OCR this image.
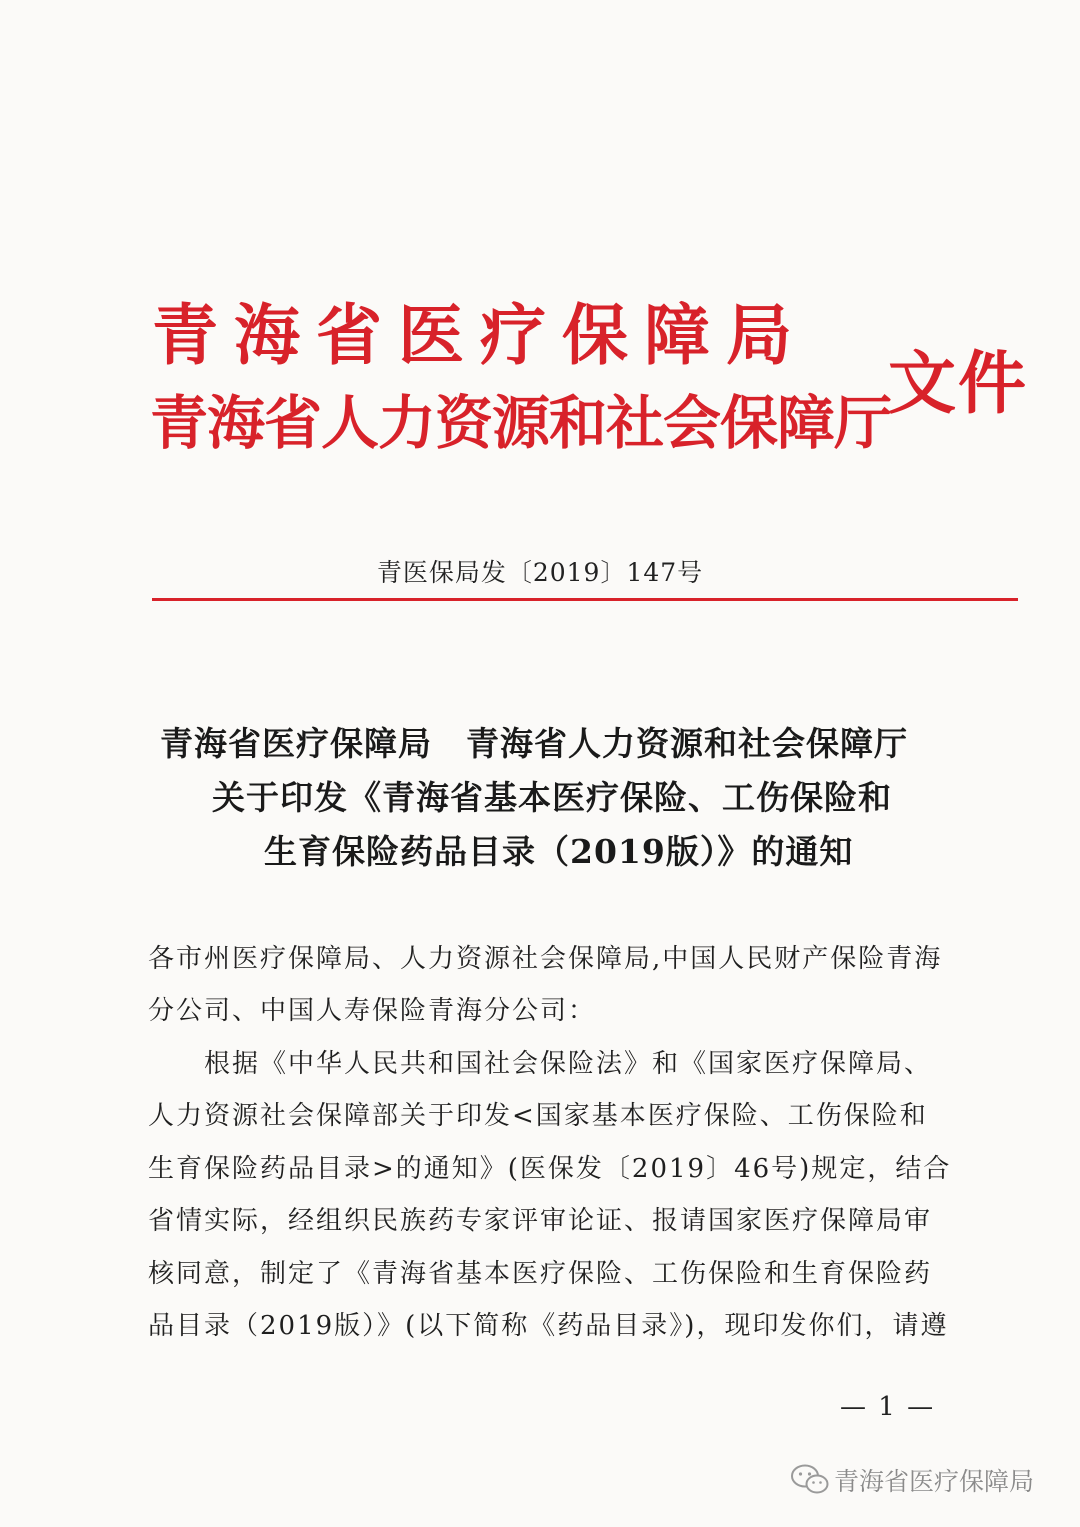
青海省医疗保障局
青海省人力资源和社会保障厅
文件
青医保局发〔2019〕147号
青海省医疗保障局　青海省人力资源和社会保障厅
关于印发《青海省基本医疗保险、工伤保险和
生育保险药品目录（2019版）》的通知
各市州医疗保障局、人力资源社会保障局,中国人民财产保险青海
分公司、中国人寿保险青海分公司：
根据《中华人民共和国社会保险法》和《国家医疗保障局、
人力资源社会保障部关于印发<国家基本医疗保险、工伤保险和
生育保险药品目录>的通知》(医保发〔2019〕46号)规定，结合
省情实际，经组织民族药专家评审论证、报请国家医疗保障局审
核同意，制定了《青海省基本医疗保险、工伤保险和生育保险药
品目录（2019版）》(以下简称《药品目录》)，现印发你们，请遵
— 1 —
青海省医疗保障局
